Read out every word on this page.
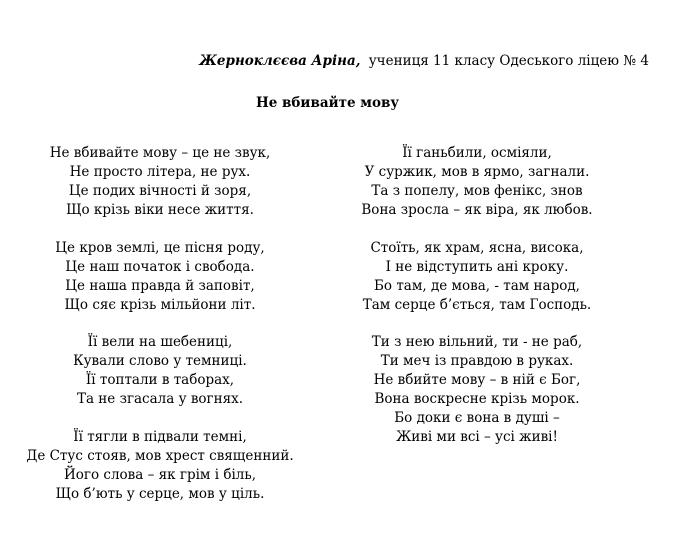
Жерноклєєва Аріна, учениця 11 класу Одеського ліцею № 4
Не вбивайте мову
Не вбивайте мову – це не звук,
Не просто літера, не рух.
Це подих вічності й зоря,
Що крізь віки несе життя.
Це кров землі, це пісня роду,
Це наш початок і свобода.
Це наша правда й заповіт,
Що сяє крізь мільйони літ.
Її вели на шебениці,
Кували слово у темниці.
Її топтали в таборах,
Та не згасала у вогнях.
Її тягли в підвали темні,
Де Стус стояв, мов хрест священний.
Його слова – як грім і біль,
Що б’ють у серце, мов у ціль.
Її ганьбили, осміяли,
У суржик, мов в ярмо, загнали.
Та з попелу, мов фенікс, знов
Вона зросла – як віра, як любов.
Стоїть, як храм, ясна, висока,
І не відступить ані кроку.
Бо там, де мова, - там народ,
Там серце б’ється, там Господь.
Ти з нею вільний, ти - не раб,
Ти меч із правдою в руках.
Не вбийте мову – в ній є Бог,
Вона воскресне крізь морок.
Бо доки є вона в душі –
Живі ми всі – усі живі!
